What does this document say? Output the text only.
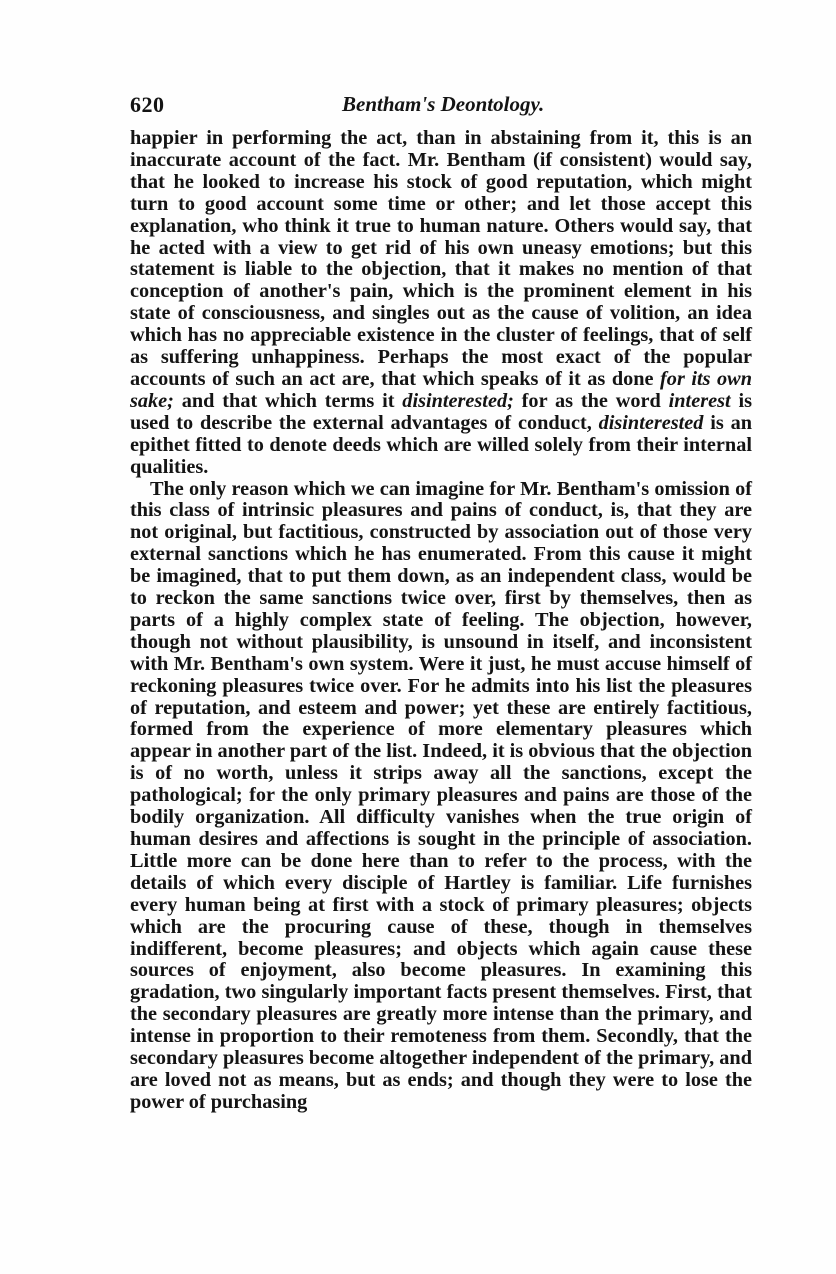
620	Bentham's Deontology.

happier in performing the act, than in abstaining from it, this is an inaccurate account of the fact. Mr. Bentham (if consistent) would say, that he looked to increase his stock of good reputation, which might turn to good account some time or other; and let those accept this explanation, who think it true to human nature. Others would say, that he acted with a view to get rid of his own uneasy emotions; but this statement is liable to the objection, that it makes no mention of that conception of another's pain, which is the prominent element in his state of consciousness, and singles out as the cause of volition, an idea which has no appreciable existence in the cluster of feelings, that of self as suffering unhappiness. Perhaps the most exact of the popular accounts of such an act are, that which speaks of it as done for its own sake; and that which terms it disinterested; for as the word interest is used to describe the external advantages of conduct, disinterested is an epithet fitted to denote deeds which are willed solely from their internal qualities.

The only reason which we can imagine for Mr. Bentham's omission of this class of intrinsic pleasures and pains of conduct, is, that they are not original, but factitious, constructed by association out of those very external sanctions which he has enumerated. From this cause it might be imagined, that to put them down, as an independent class, would be to reckon the same sanctions twice over, first by themselves, then as parts of a highly complex state of feeling. The objection, however, though not without plausibility, is unsound in itself, and inconsistent with Mr. Bentham's own system. Were it just, he must accuse himself of reckoning pleasures twice over. For he admits into his list the pleasures of reputation, and esteem and power; yet these are entirely factitious, formed from the experience of more elementary pleasures which appear in another part of the list. Indeed, it is obvious that the objection is of no worth, unless it strips away all the sanctions, except the pathological; for the only primary pleasures and pains are those of the bodily organization. All difficulty vanishes when the true origin of human desires and affections is sought in the principle of association. Little more can be done here than to refer to the process, with the details of which every disciple of Hartley is familiar. Life furnishes every human being at first with a stock of primary pleasures; objects which are the procuring cause of these, though in themselves indifferent, become pleasures; and objects which again cause these sources of enjoyment, also become pleasures. In examining this gradation, two singularly important facts present themselves. First, that the secondary pleasures are greatly more intense than the primary, and intense in proportion to their remoteness from them. Secondly, that the secondary pleasures become altogether independent of the primary, and are loved not as means, but as ends; and though they were to lose the power of purchasing
